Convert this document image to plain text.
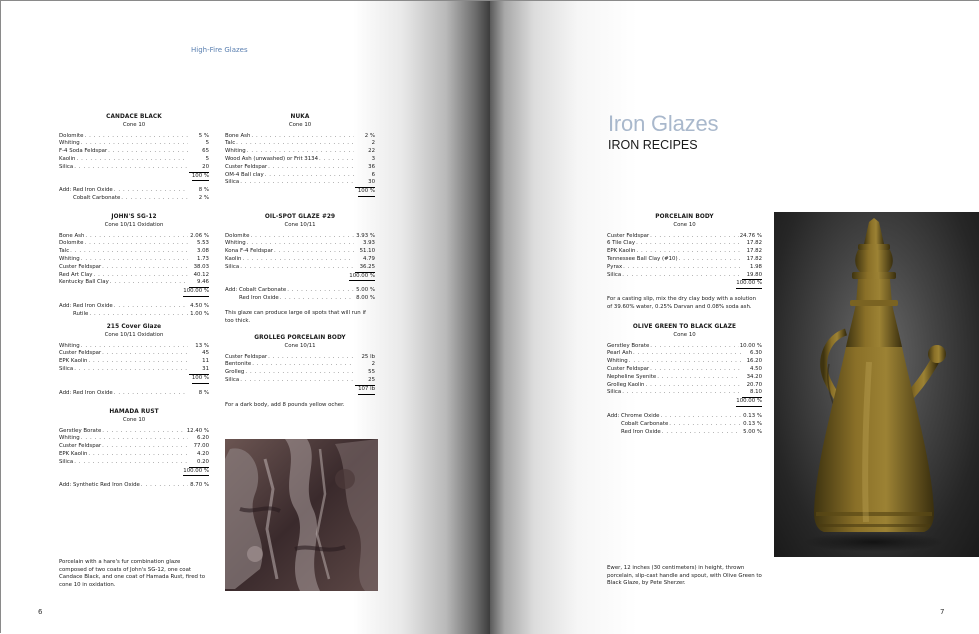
High-Fire Glazes
CANDACE BLACK
Cone 10
Dolomite . . .	5 %
Whiting . . .	5
F-4 Soda Feldspar . . .	65
Kaolin . . .	5
Silica . . .	20
100 %
Add: Red Iron Oxide . . .	8 %
Cobalt Carbonate . . .	2 %
JOHN'S SG-12
Cone 10/11 Oxidation
Bone Ash . . .	2.06 %
Dolomite . . .	5.53
Talc . . .	3.08
Whiting . . .	1.73
Custer Feldspar . . .	38.03
Red Art Clay . . .	40.12
Kentucky Ball Clay . . .	9.46
100.00 %
Add: Red Iron Oxide . . .	4.50 %
Rutile . . .	1.00 %
215 Cover Glaze
Cone 10/11 Oxidation
Whiting . . .	13 %
Custer Feldspar . . .	45
EPK Kaolin . . .	11
Silica . . .	31
100 %
Add: Red Iron Oxide . . .	8 %
HAMADA RUST
Cone 10
Gerstley Borate . . .	12.40 %
Whiting . . .	6.20
Custer Feldspar . . .	77.00
EPK Kaolin . . .	4.20
Silica . . .	0.20
100.00 %
Add: Synthetic Red Iron Oxide . . .	8.70 %
NUKA
Cone 10
Bone Ash . . .	2 %
Talc . . .	2
Whiting . . .	22
Wood Ash (unwashed) or Frit 3134 . . .	3
Custer Feldspar . . .	36
OM-4 Ball clay . . .	6
Silica . . .	30
100 %
OIL-SPOT GLAZE #29
Cone 10/11
Dolomite . . .	3.93 %
Whiting . . .	3.93
Kona F-4 Feldspar . . .	51.10
Kaolin . . .	4.79
Silica . . .	36.25
100.00 %
Add: Cobalt Carbonate . . .	5.00 %
Red Iron Oxide . . .	8.00 %
This glaze can produce large oil spots that will run if too thick.
GROLLEG PORCELAIN BODY
Cone 10/11
Custer Feldspar . . .	25 lb
Bentonite . . .	2
Grolleg . . .	55
Silica . . .	25
107 lb
For a dark body, add 8 pounds yellow ocher.
Porcelain with a hare's fur combination glaze composed of two coats of John's SG-12, one coat Candace Black, and one coat of Hamada Rust, fired to cone 10 in oxidation.
6
Iron Glazes
IRON RECIPES
PORCELAIN BODY
Cone 10
Custer Feldspar . . .	24.76 %
6 Tile Clay . . .	17.82
EPK Kaolin . . .	17.82
Tennessee Ball Clay (#10) . . .	17.82
Pyrax . . .	1.98
Silica . . .	19.80
100.00 %
For a casting slip, mix the dry clay body with a solution of 39.60% water, 0.25% Darvan and 0.08% soda ash.
OLIVE GREEN TO BLACK GLAZE
Cone 10
Gerstley Borate . . .	10.00 %
Pearl Ash . . .	6.30
Whiting . . .	16.20
Custer Feldspar . . .	4.50
Nepheline Syenite . . .	34.20
Grolleg Kaolin . . .	20.70
Silica . . .	8.10
100.00 %
Add: Chrome Oxide . . .	0.13 %
Cobalt Carbonate . . .	0.13 %
Red Iron Oxide . . .	5.00 %
Ewer, 12 inches (30 centimeters) in height, thrown porcelain, slip-cast handle and spout, with Olive Green to Black Glaze, by Pete Sherzer.
7
